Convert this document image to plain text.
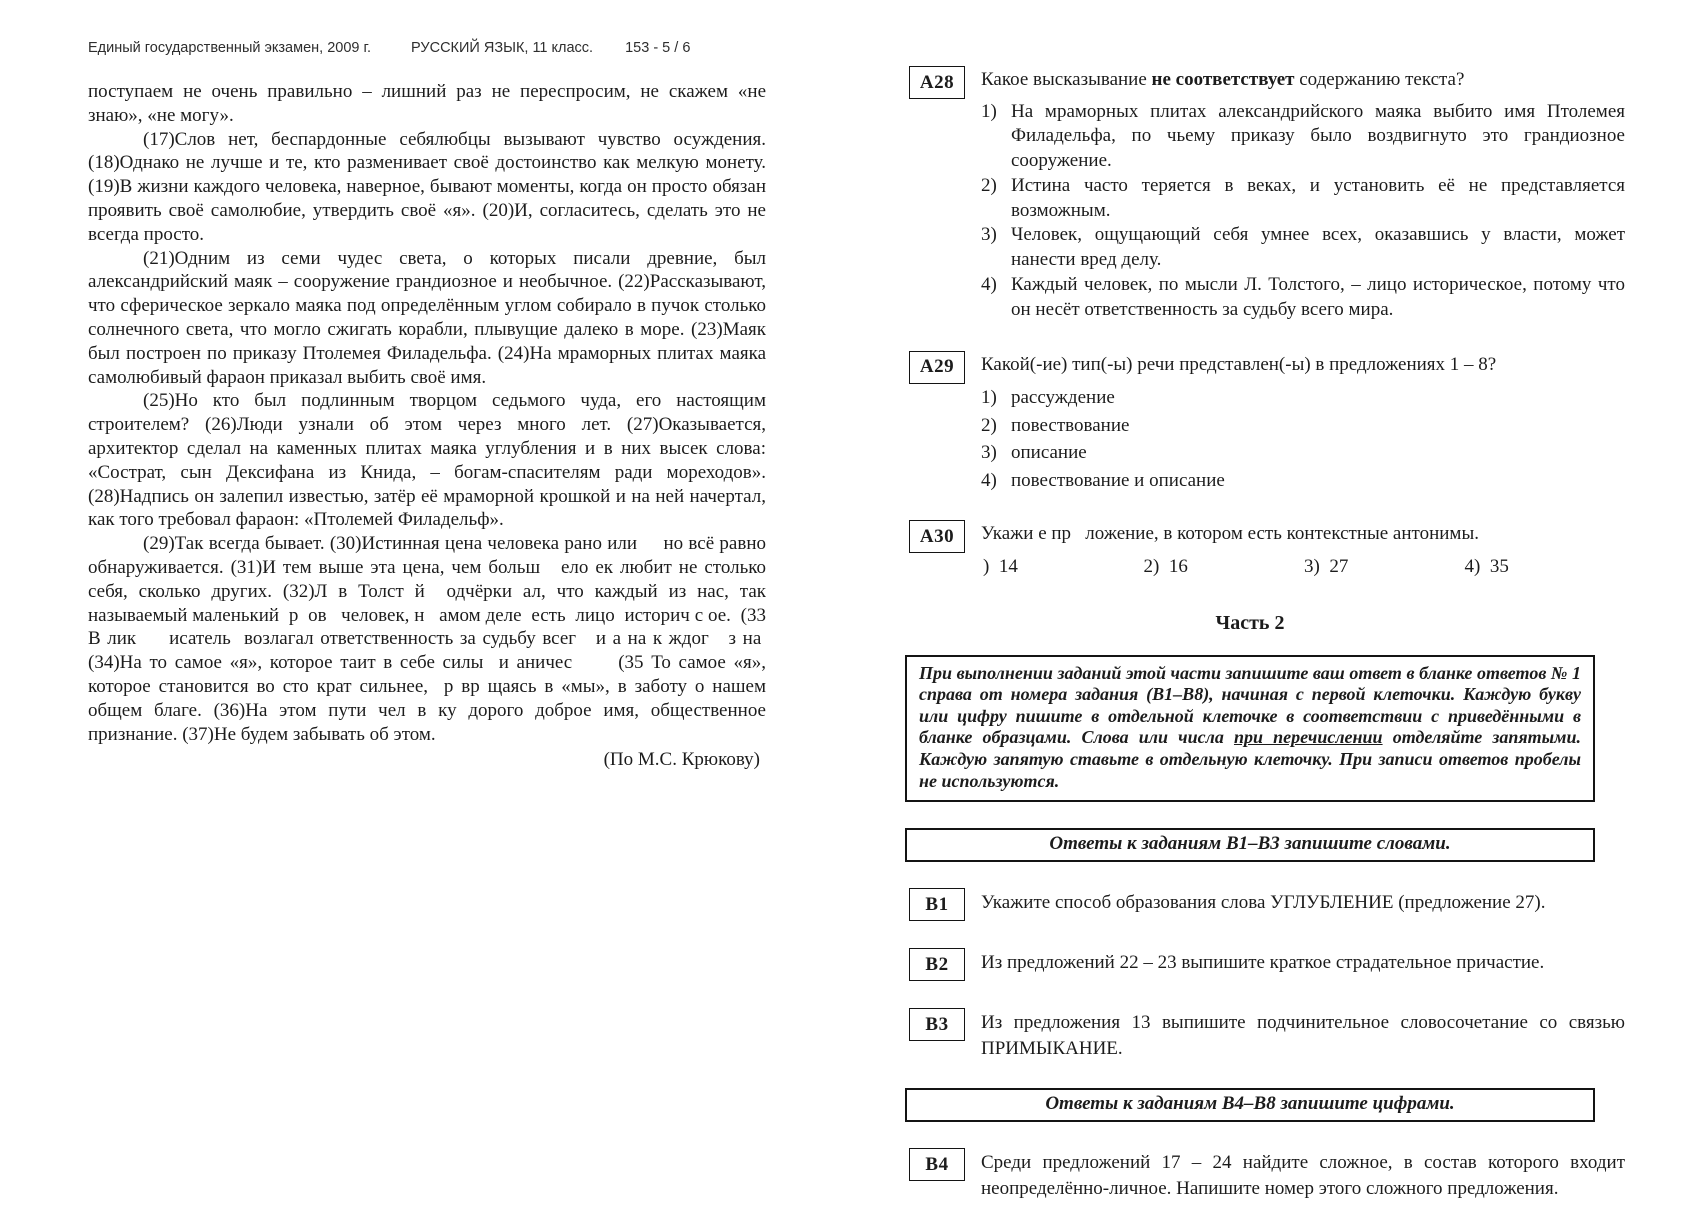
Единый государственный экзамен, 2009 г.	РУССКИЙ ЯЗЫК, 11 класс. 153 - 5 / 6

поступаем не очень правильно – лишний раз не переспросим, не скажем «не знаю», «не могу».

(17)Слов нет, беспардонные себялюбцы вызывают чувство осуждения. (18)Однако не лучше и те, кто разменивает своё достоинство как мелкую монету. (19)В жизни каждого человека, наверное, бывают моменты, когда он просто обязан проявить своё самолюбие, утвердить своё «я». (20)И, согласитесь, сделать это не всегда просто.

(21)Одним из семи чудес света, о которых писали древние, был александрийский маяк – сооружение грандиозное и необычное. (22)Рассказывают, что сферическое зеркало маяка под определённым углом собирало в пучок столько солнечного света, что могло сжигать корабли, плывущие далеко в море. (23)Маяк был построен по приказу Птолемея Филадельфа. (24)На мраморных плитах маяка самолюбивый фараон приказал выбить своё имя.

(25)Но кто был подлинным творцом седьмого чуда, его настоящим строителем? (26)Люди узнали об этом через много лет. (27)Оказывается, архитектор сделал на каменных плитах маяка углубления и в них высек слова: «Сострат, сын Дексифана из Книда, – богам-спасителям ради мореходов». (28)Надпись он залепил известью, затёр её мраморной крошкой и на ней начертал, как того требовал фараон: «Птолемей Филадельф».

(29)Так всегда бывает. (30)Истинная цена человека рано или     но всё равно обнаруживается. (31)И тем выше эта цена, чем больш   ело ек любит не столько себя, сколько других. (32)Л в Толст й  одчёрки ал, что каждый из нас, так называемый маленький  р  ов   человек, н   амом деле  есть  лицо  историч с ое.  (33 В лик     исатель  возлагал ответственность за судьбу всег   и а на к ждог   з на  (34)На то самое «я», которое таит в себе силы  и аничес      (35 То самое «я», которое становится во сто крат сильнее,  р вр щаясь в «мы», в заботу о нашем общем благе. (36)На этом пути чел в ку дорого доброе имя, общественное признание. (37)Не будем забывать об этом.

(По М.С. Крюкову)

А28	Какое высказывание не соответствует содержанию текста?

1) На мраморных плитах александрийского маяка выбито имя Птолемея Филадельфа, по чьему приказу было воздвигнуто это грандиозное сооружение.
2) Истина часто теряется в веках, и установить её не представляется возможным.
3) Человек, ощущающий себя умнее всех, оказавшись у власти, может нанести вред делу.
4) Каждый человек, по мысли Л. Толстого, – лицо историческое, потому что он несёт ответственность за судьбу всего мира.
А29	Какой(-ие) тип(-ы) речи представлен(-ы) в предложениях 1 – 8?

1) рассуждение
2) повествование
3) описание
4) повествование и описание
А30	Укажи е пр   ложение, в котором есть контекстные антонимы.

)  14	2)  16	3)  27	4)  35
Часть 2
При выполнении заданий этой части запишите ваш ответ в бланке ответов № 1 справа от номера задания (В1–В8), начиная с первой клеточки. Каждую букву или цифру пишите в отдельной клеточке в соответствии с приведёнными в бланке образцами. Слова или числа при перечислении отделяйте запятыми. Каждую запятую ставьте в отдельную клеточку. При записи ответов пробелы не используются.
Ответы к заданиям В1–В3 запишите словами.
В1	Укажите способ образования слова УГЛУБЛЕНИЕ (предложение 27).

В2	Из предложений 22 – 23 выпишите краткое страдательное причастие.

В3	Из предложения 13 выпишите подчинительное словосочетание со связью ПРИМЫКАНИЕ.

Ответы к заданиям В4–В8 запишите цифрами.
В4	Среди предложений 17 – 24 найдите сложное, в состав которого входит неопределённо-личное. Напишите номер этого сложного предложения.
